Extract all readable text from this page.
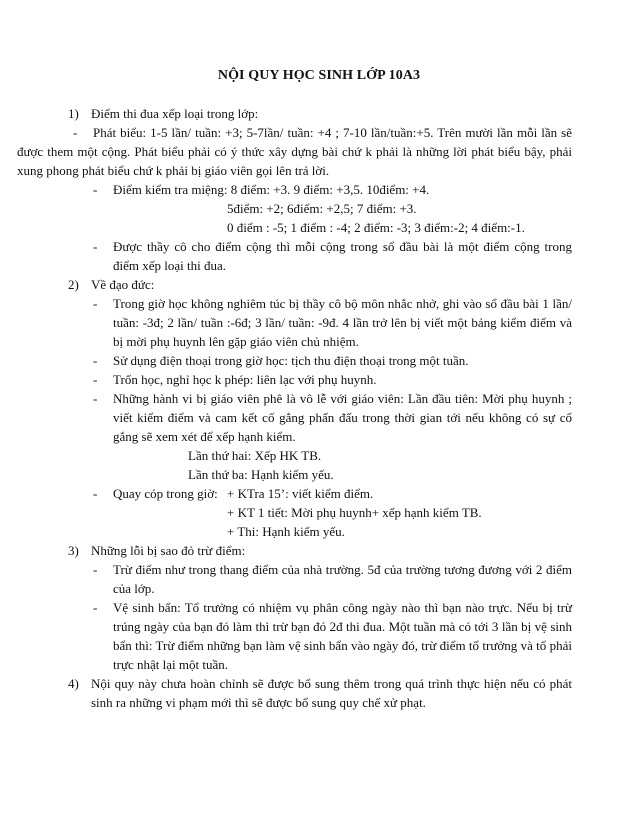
NỘI QUY HỌC SINH LỚP 10A3
1) Điểm thi đua xếp loại trong lớp:
-	Phát biểu: 1-5 lần/ tuần: +3; 5-7lần/ tuần: +4 ; 7-10 lần/tuần:+5. Trên mười lần mỗi lần sẽ được them một cộng. Phát biểu phải có ý thức xây dựng bài chứ k phải là những lời phát biểu bậy, phải xung phong phát biểu chứ k phải bị giáo viên gọi lên trả lời.
- Điểm kiểm tra miệng: 8 điểm: +3. 9 điểm: +3,5. 10điểm: +4.
5điểm: +2; 6điểm: +2,5; 7 điểm: +3.
0 điểm : -5; 1 điểm : -4; 2 điểm: -3; 3 điểm:-2; 4 điểm:-1.
- Được thầy cô cho điểm cộng thì mỗi cộng trong sổ đầu bài là một điểm cộng trong điểm xếp loại thi đua.
2) Về đạo đức:
- Trong giờ học không nghiêm túc bị thầy cô bộ môn nhắc nhở, ghi vào sổ đầu bài 1 lần/ tuần: -3đ; 2 lần/ tuần :-6đ; 3 lần/ tuần: -9đ. 4 lần trở lên bị viết một bảng kiểm điểm và bị mời phụ huynh lên gặp giáo viên chủ nhiệm.
- Sử dụng điện thoại trong giờ học: tịch thu điện thoại trong một tuần.
- Trốn học, nghỉ học k phép: liên lạc với phụ huynh.
- Những hành vi bị giáo viên phê là vô lễ với giáo viên: Lần đầu tiên: Mời phụ huynh ; viết kiểm điểm và cam kết cố gắng phấn đấu trong thời gian tới nếu không có sự cố gắng sẽ xem xét để xếp hạnh kiểm.
Lần thứ hai: Xếp HK TB.
Lần thứ ba: Hạnh kiểm yếu.
- Quay cóp trong giờ: + KTra 15’: viết kiểm điểm.
+ KT 1 tiết: Mời phụ huynh+ xếp hạnh kiểm TB.
+ Thi: Hạnh kiểm yếu.
3) Những lỗi bị sao đỏ trừ điểm:
- Trừ điểm như trong thang điểm của nhà trường. 5đ của trường tương đương với 2 điểm của lớp.
- Vệ sinh bẩn: Tổ trưởng có nhiệm vụ phân công ngày nào thì bạn nào trực. Nếu bị trừ trúng ngày của bạn đó làm thì trừ bạn đó 2đ thi đua. Một tuần mà có tới 3 lần bị vệ sinh bẩn thì: Trừ điểm những bạn làm vệ sinh bẩn vào ngày đó, trừ điểm tổ trưởng và tổ phải trực nhật lại một tuần.
4) Nội quy này chưa hoàn chỉnh sẽ được bổ sung thêm trong quá trình thực hiện nếu có phát sinh ra những vi phạm mới thì sẽ được bổ sung quy chế xử phạt.
